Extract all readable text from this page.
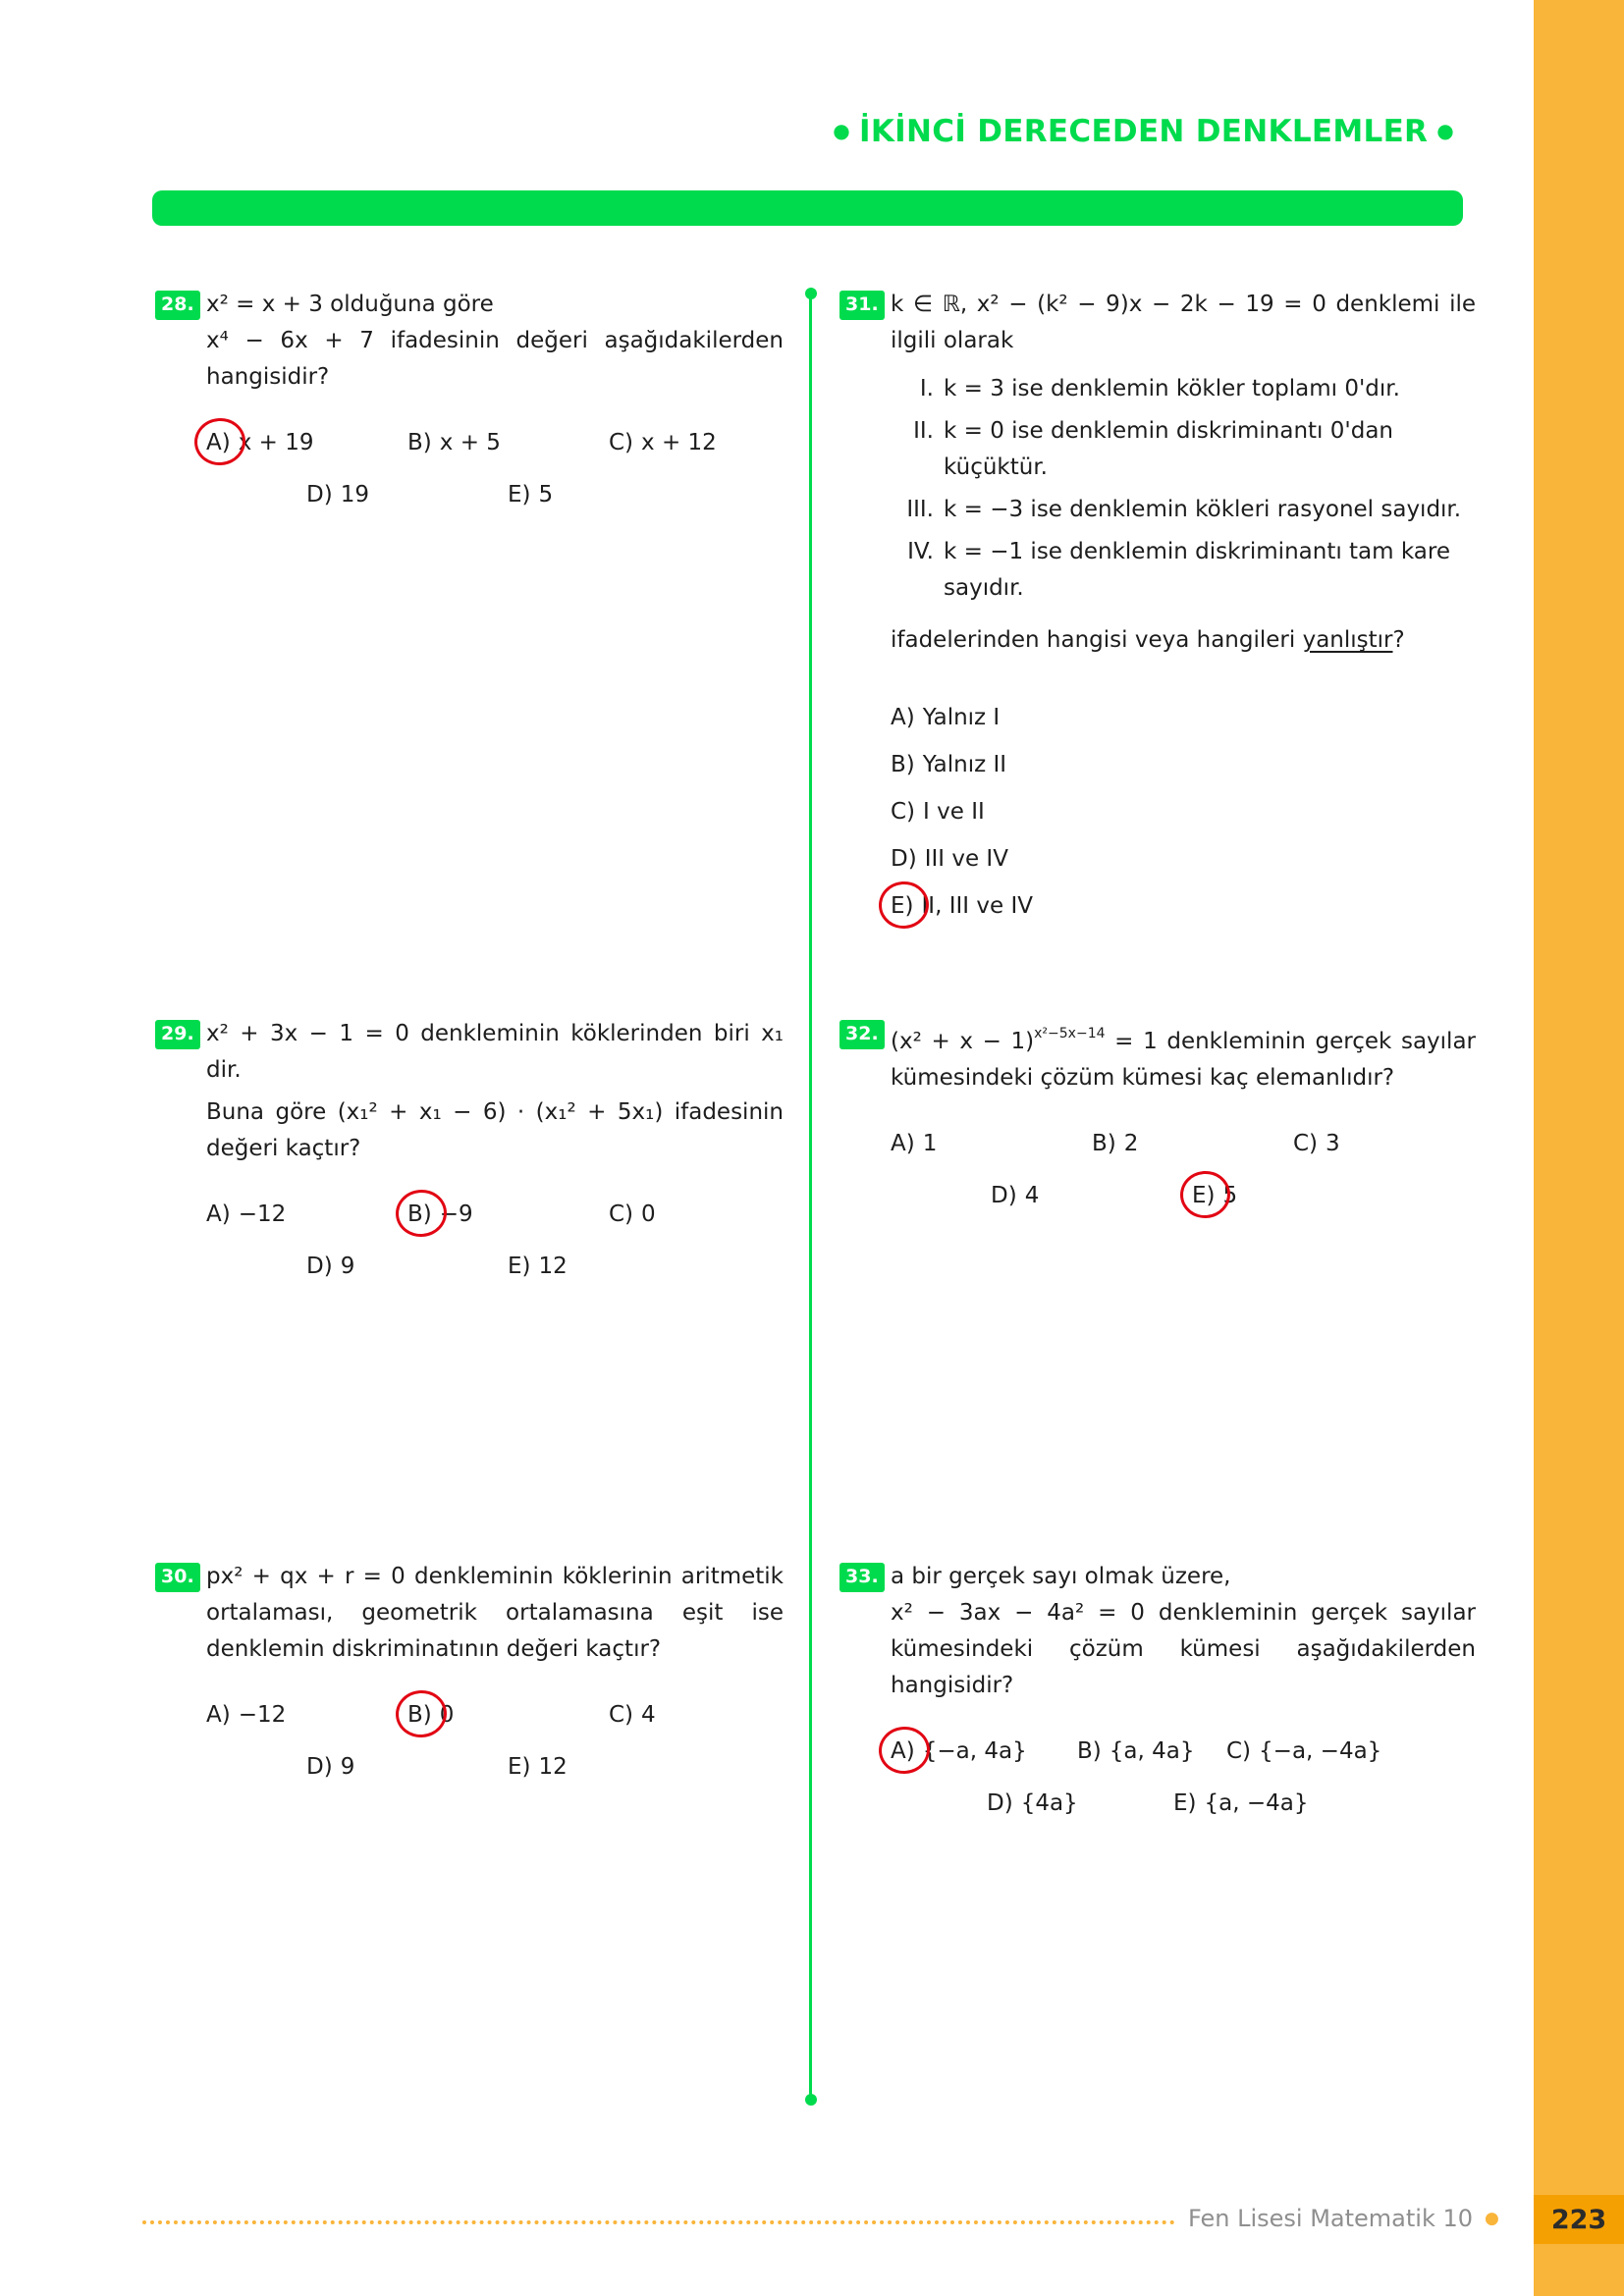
● İKİNCİ DERECEDEN DENKLEMLER ●
28. x² = x + 3 olduğuna göre

x⁴ − 6x + 7 ifadesinin değeri aşağıdakilerden hangisidir?

A) x + 19	B) x + 5	C) x + 12
D) 19	E) 5
29. x² + 3x − 1 = 0 denkleminin köklerinden biri x₁ dir.

Buna göre (x₁² + x₁ − 6) · (x₁² + 5x₁) ifadesinin değeri kaçtır?

A) −12	B) −9	C) 0
D) 9	E) 12
30. px² + qx + r = 0 denkleminin köklerinin aritmetik ortalaması, geometrik ortalamasına eşit ise denklemin diskriminatının değeri kaçtır?

A) −12	B) 0	C) 4
D) 9	E) 12
31. k ∈ ℝ, x² − (k² − 9)x − 2k − 19 = 0 denklemi ile ilgili olarak

I. k = 3 ise denklemin kökler toplamı 0'dır.
II. k = 0 ise denklemin diskriminantı 0'dan küçüktür.
III. k = −3 ise denklemin kökleri rasyonel sayıdır.
IV. k = −1 ise denklemin diskriminantı tam kare sayıdır.

ifadelerinden hangisi veya hangileri yanlıştır?

A) Yalnız I
B) Yalnız II
C) I ve II
D) III ve IV
E) II, III ve IV
32. $(x^2 + x - 1)^{x^2-5x-14} = 1$ denkleminin gerçek sayılar kümesindeki çözüm kümesi kaç elemanlıdır?

A) 1	B) 2	C) 3
D) 4	E) 5
33. a bir gerçek sayı olmak üzere,

x² − 3ax − 4a² = 0 denkleminin gerçek sayılar kümesindeki çözüm kümesi aşağıdakilerden hangisidir?

A) {−a, 4a}	B) {a, 4a}	C) {−a, −4a}
D) {4a}	E) {a, −4a}
Fen Lisesi Matematik 10 ● 223
